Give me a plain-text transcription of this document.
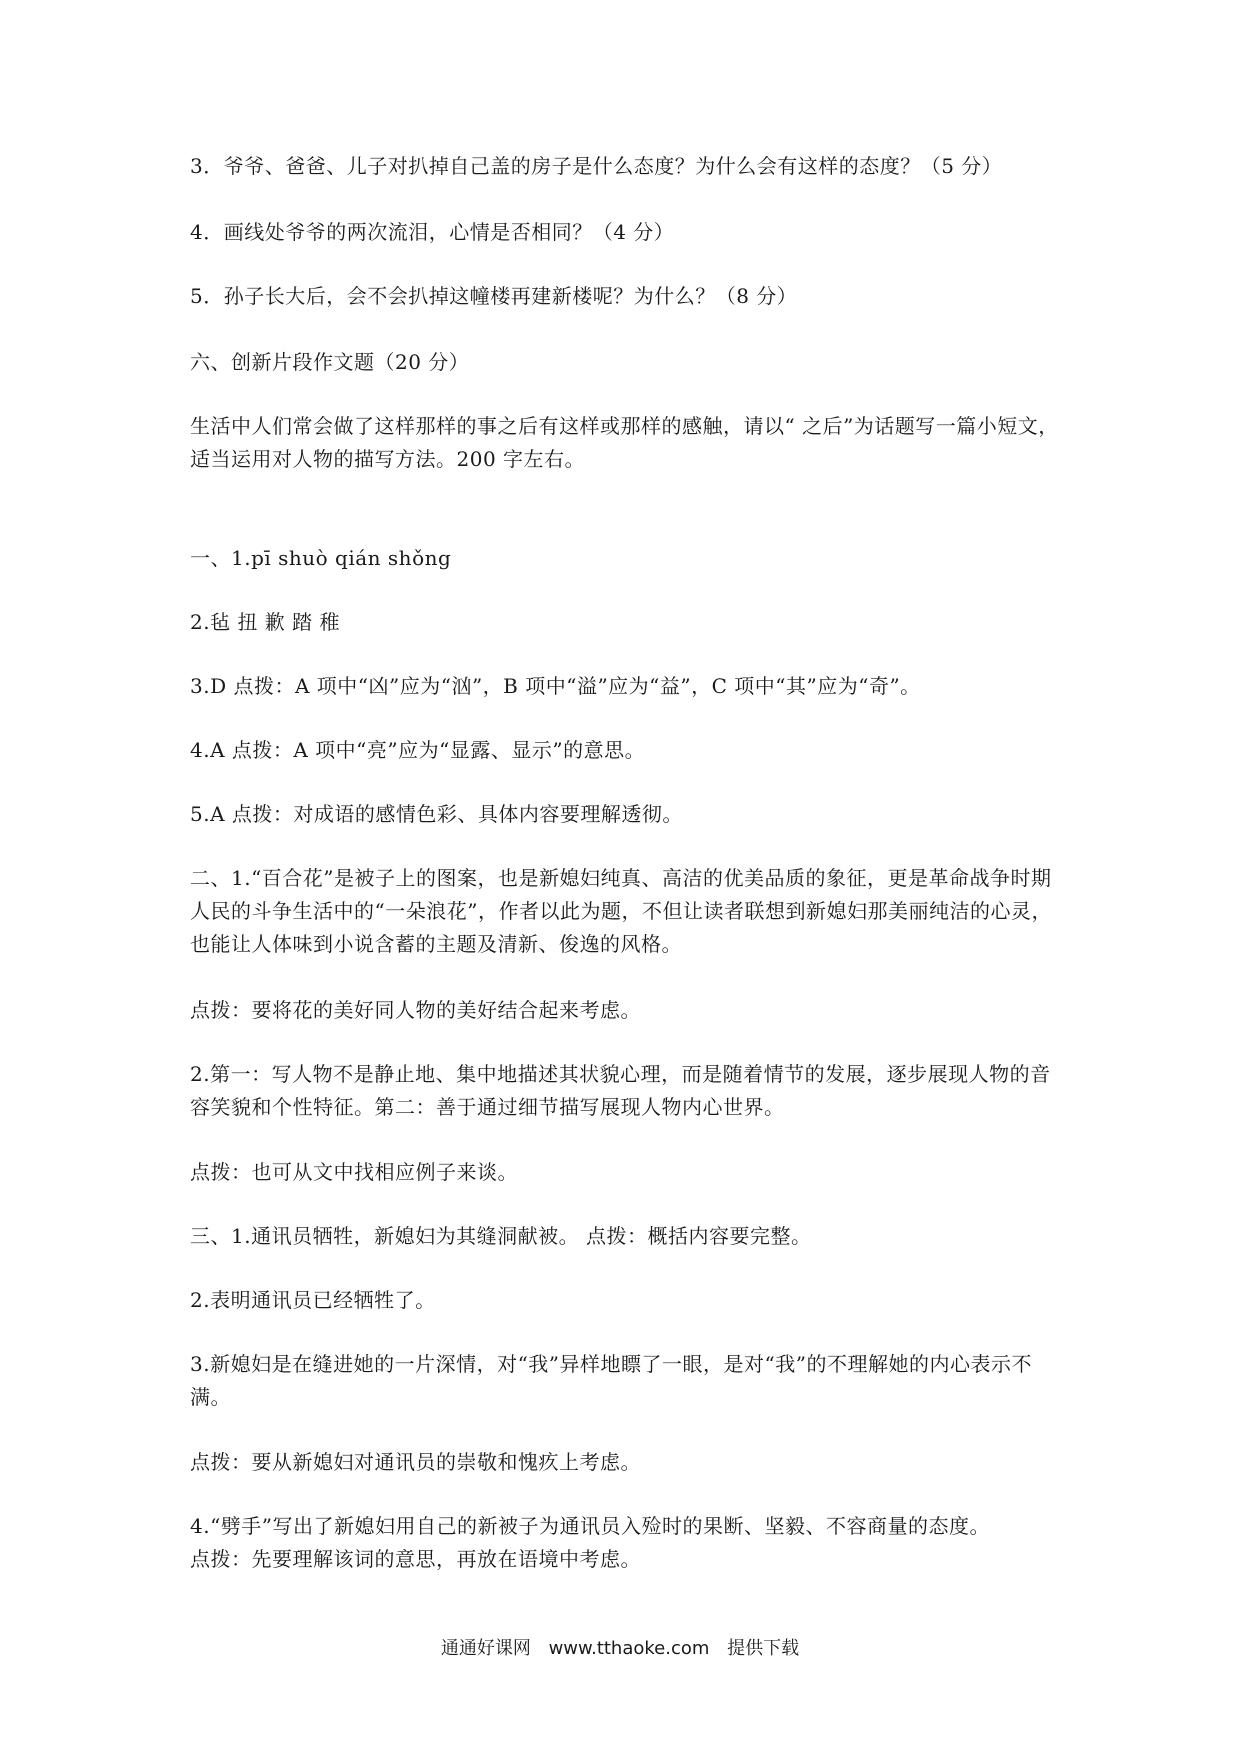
3．爷爷、爸爸、儿子对扒掉自己盖的房子是什么态度？为什么会有这样的态度？（5 分）
4．画线处爷爷的两次流泪，心情是否相同？（4 分）
5．孙子长大后，会不会扒掉这幢楼再建新楼呢？为什么？（8 分）
六、创新片段作文题（20 分）
生活中人们常会做了这样那样的事之后有这样或那样的感触，请以“ 之后”为话题写一篇小短文，适当运用对人物的描写方法。200 字左右。
一、1.pī shuò qián shǒng
2.毡 扭 歉 踏 稚
3.D 点拨：A 项中“凶”应为“汹”，B 项中“溢”应为“益”，C 项中“其”应为“奇”。
4.A 点拨：A 项中“亮”应为“显露、显示”的意思。
5.A 点拨：对成语的感情色彩、具体内容要理解透彻。
二、1.“百合花”是被子上的图案，也是新媳妇纯真、高洁的优美品质的象征，更是革命战争时期人民的斗争生活中的“一朵浪花”，作者以此为题，不但让读者联想到新媳妇那美丽纯洁的心灵，也能让人体味到小说含蓄的主题及清新、俊逸的风格。
点拨：要将花的美好同人物的美好结合起来考虑。
2.第一：写人物不是静止地、集中地描述其状貌心理，而是随着情节的发展，逐步展现人物的音容笑貌和个性特征。第二：善于通过细节描写展现人物内心世界。
点拨：也可从文中找相应例子来谈。
三、1.通讯员牺牲，新媳妇为其缝洞献被。 点拨：概括内容要完整。
2.表明通讯员已经牺牲了。
3.新媳妇是在缝进她的一片深情，对“我”异样地瞟了一眼，是对“我”的不理解她的内心表示不满。
点拨：要从新媳妇对通讯员的崇敬和愧疚上考虑。
4.“劈手”写出了新媳妇用自己的新被子为通讯员入殓时的果断、坚毅、不容商量的态度。
点拨：先要理解该词的意思，再放在语境中考虑。
通通好课网 www.tthaoke.com 提供下载
